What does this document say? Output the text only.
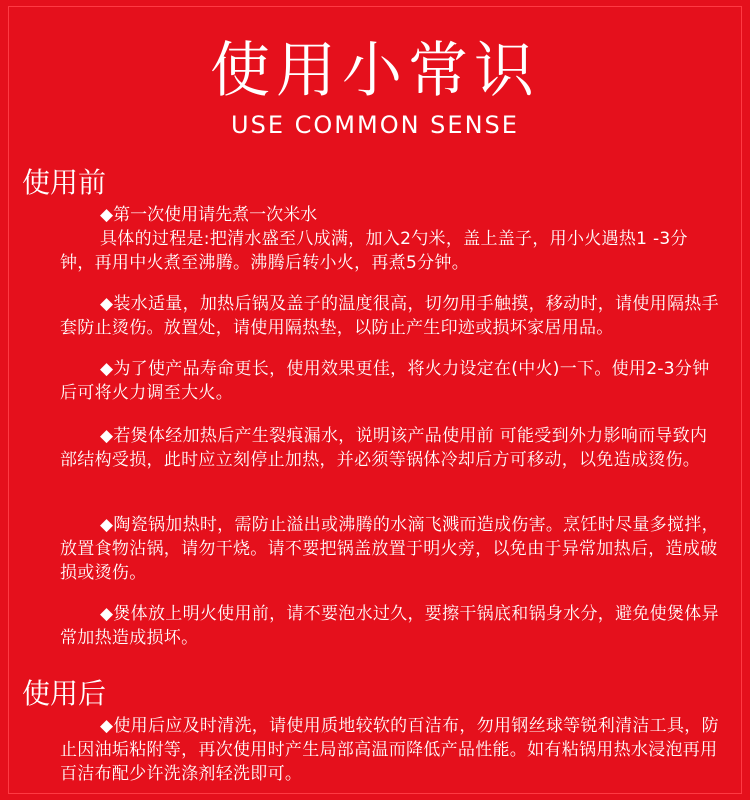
使用小常识
USE COMMON SENSE
使用前
◆第一次使用请先煮一次米水
具体的过程是:把清水盛至八成满，加入2勺米，盖上盖子，用小火遇热1 -3分钟，再用中火煮至沸腾。沸腾后转小火，再煮5分钟。
◆装水适量，加热后锅及盖子的温度很高，切勿用手触摸，移动时，请使用隔热手套防止烫伤。放置处，请使用隔热垫，以防止产生印迹或损坏家居用品。
◆为了使产品寿命更长，使用效果更佳，将火力设定在(中火)一下。使用2-3分钟后可将火力调至大火。
◆若煲体经加热后产生裂痕漏水，说明该产品使用前 可能受到外力影响而导致内部结构受损，此时应立刻停止加热，并必须等锅体冷却后方可移动，以免造成烫伤。
◆陶瓷锅加热时，需防止溢出或沸腾的水滴飞溅而造成伤害。烹饪时尽量多搅拌，放置食物沾锅，请勿干烧。请不要把锅盖放置于明火旁，以免由于异常加热后，造成破损或烫伤。
◆煲体放上明火使用前，请不要泡水过久，要擦干锅底和锅身水分，避免使煲体异常加热造成损坏。
使用后
◆使用后应及时清洗，请使用质地较软的百洁布，勿用钢丝球等锐利清洁工具，防止因油垢粘附等，再次使用时产生局部高温而降低产品性能。如有粘锅用热水浸泡再用百洁布配少许洗涤剂轻洗即可。
